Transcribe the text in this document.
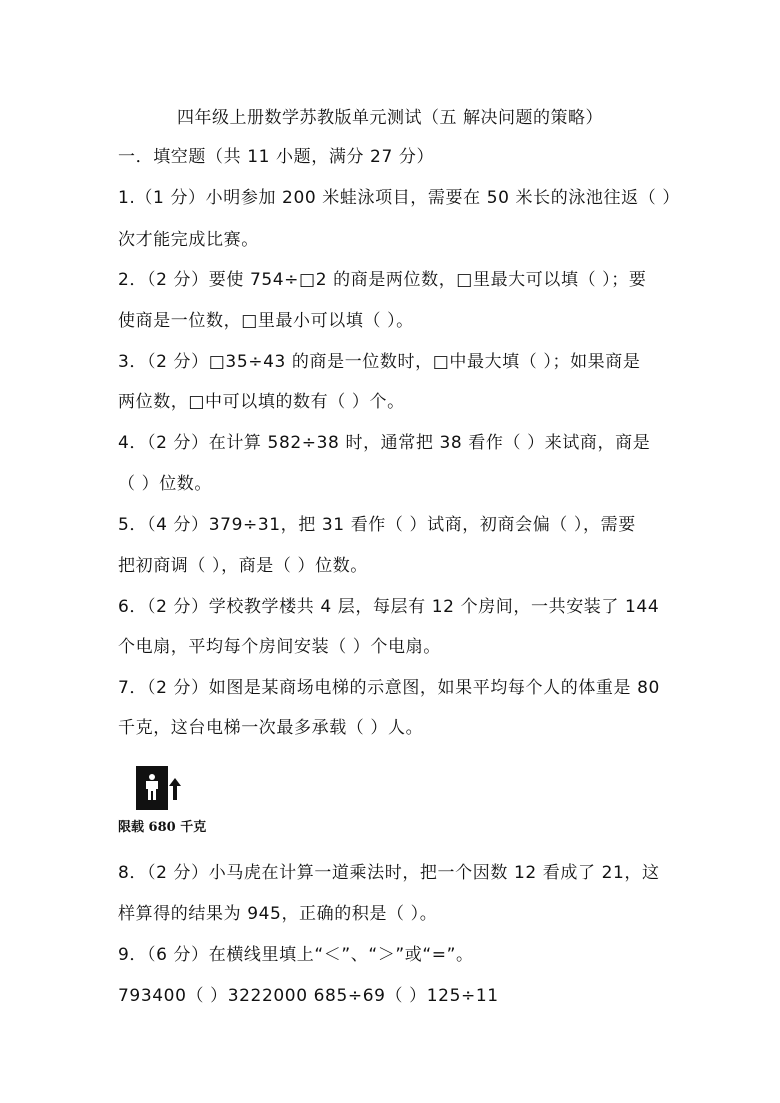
四年级上册数学苏教版单元测试（五 解决问题的策略）
一．填空题（共 11 小题，满分 27 分）
1.（1 分）小明参加 200 米蛙泳项目，需要在 50 米长的泳池往返（ ）
次才能完成比赛。
2．（2 分）要使 754÷□2 的商是两位数，□里最大可以填（ ）；要
使商是一位数，□里最小可以填（ ）。
3．（2 分）□35÷43 的商是一位数时，□中最大填（ ）；如果商是
两位数，□中可以填的数有（ ）个。
4．（2 分）在计算 582÷38 时，通常把 38 看作（ ）来试商，商是
（ ）位数。
5．（4 分）379÷31，把 31 看作（ ）试商，初商会偏（ ），需要
把初商调（ ），商是（ ）位数。
6．（2 分）学校教学楼共 4 层，每层有 12 个房间，一共安装了 144
个电扇，平均每个房间安装（ ）个电扇。
7．（2 分）如图是某商场电梯的示意图，如果平均每个人的体重是 80
千克，这台电梯一次最多承载（ ）人。
限载 680 千克
8．（2 分）小马虎在计算一道乘法时，把一个因数 12 看成了 21，这
样算得的结果为 945，正确的积是（ ）。
9．（6 分）在横线里填上“＜”、“＞”或“=”。
793400（ ）3222000 685÷69（ ）125÷11
